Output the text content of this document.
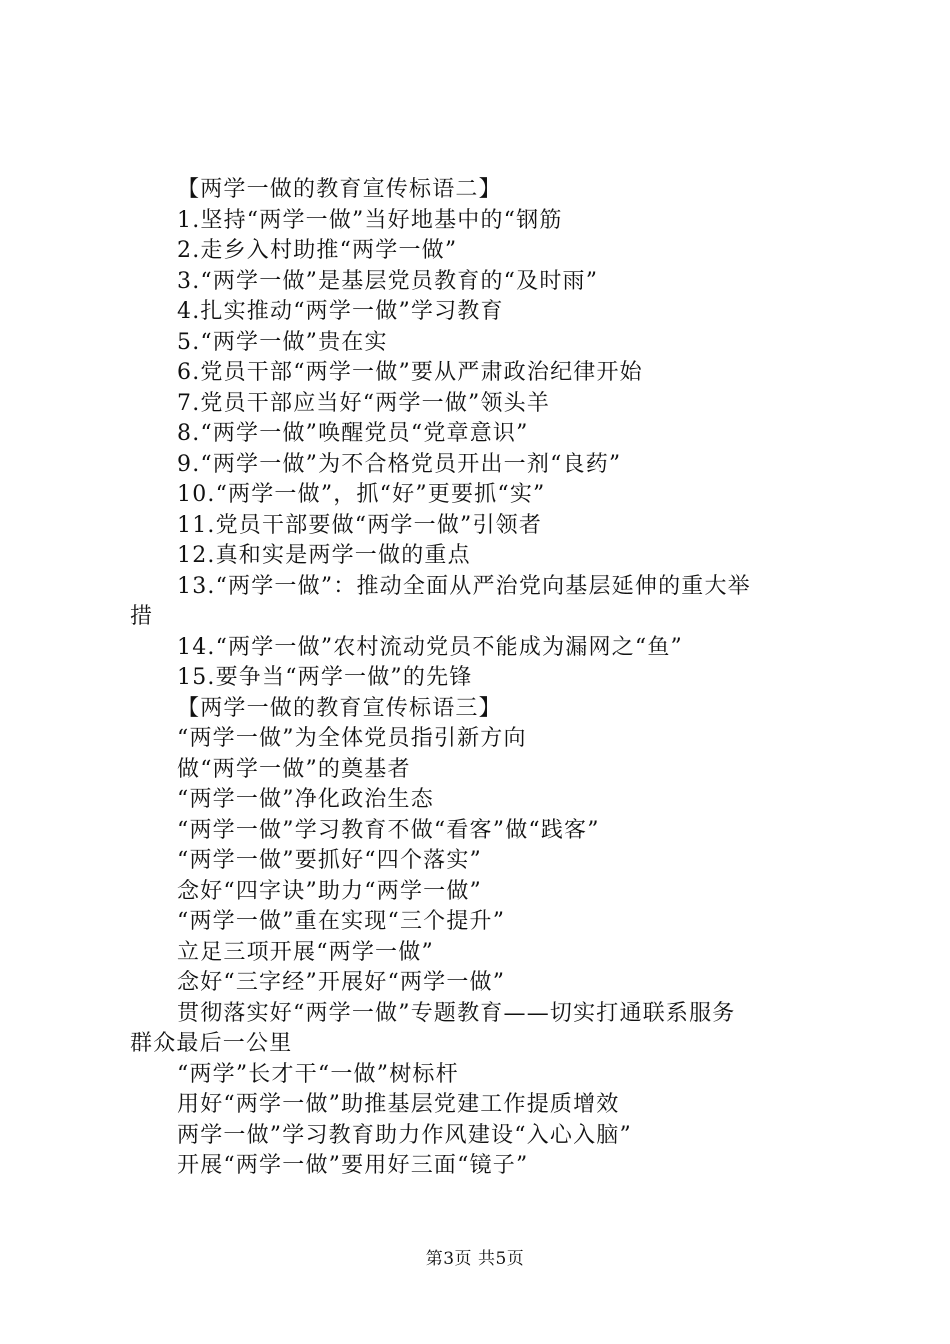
【两学一做的教育宣传标语二】
1.坚持“两学一做”当好地基中的“钢筋
2.走乡入村助推“两学一做”
3.“两学一做”是基层党员教育的“及时雨”
4.扎实推动“两学一做”学习教育
5.“两学一做”贵在实
6.党员干部“两学一做”要从严肃政治纪律开始
7.党员干部应当好“两学一做”领头羊
8.“两学一做”唤醒党员“党章意识”
9.“两学一做”为不合格党员开出一剂“良药”
10.“两学一做”，抓“好”更要抓“实”
11.党员干部要做“两学一做”引领者
12.真和实是两学一做的重点
13.“两学一做”：推动全面从严治党向基层延伸的重大举
措
14.“两学一做”农村流动党员不能成为漏网之“鱼”
15.要争当“两学一做”的先锋
【两学一做的教育宣传标语三】
“两学一做”为全体党员指引新方向
做“两学一做”的奠基者
“两学一做”净化政治生态
“两学一做”学习教育不做“看客”做“践客”
“两学一做”要抓好“四个落实”
念好“四字诀”助力“两学一做”
“两学一做”重在实现“三个提升”
立足三项开展“两学一做”
念好“三字经”开展好“两学一做”
贯彻落实好“两学一做”专题教育——切实打通联系服务
群众最后一公里
“两学”长才干“一做”树标杆
用好“两学一做”助推基层党建工作提质增效
两学一做”学习教育助力作风建设“入心入脑”
开展“两学一做”要用好三面“镜子”
第3页 共5页
